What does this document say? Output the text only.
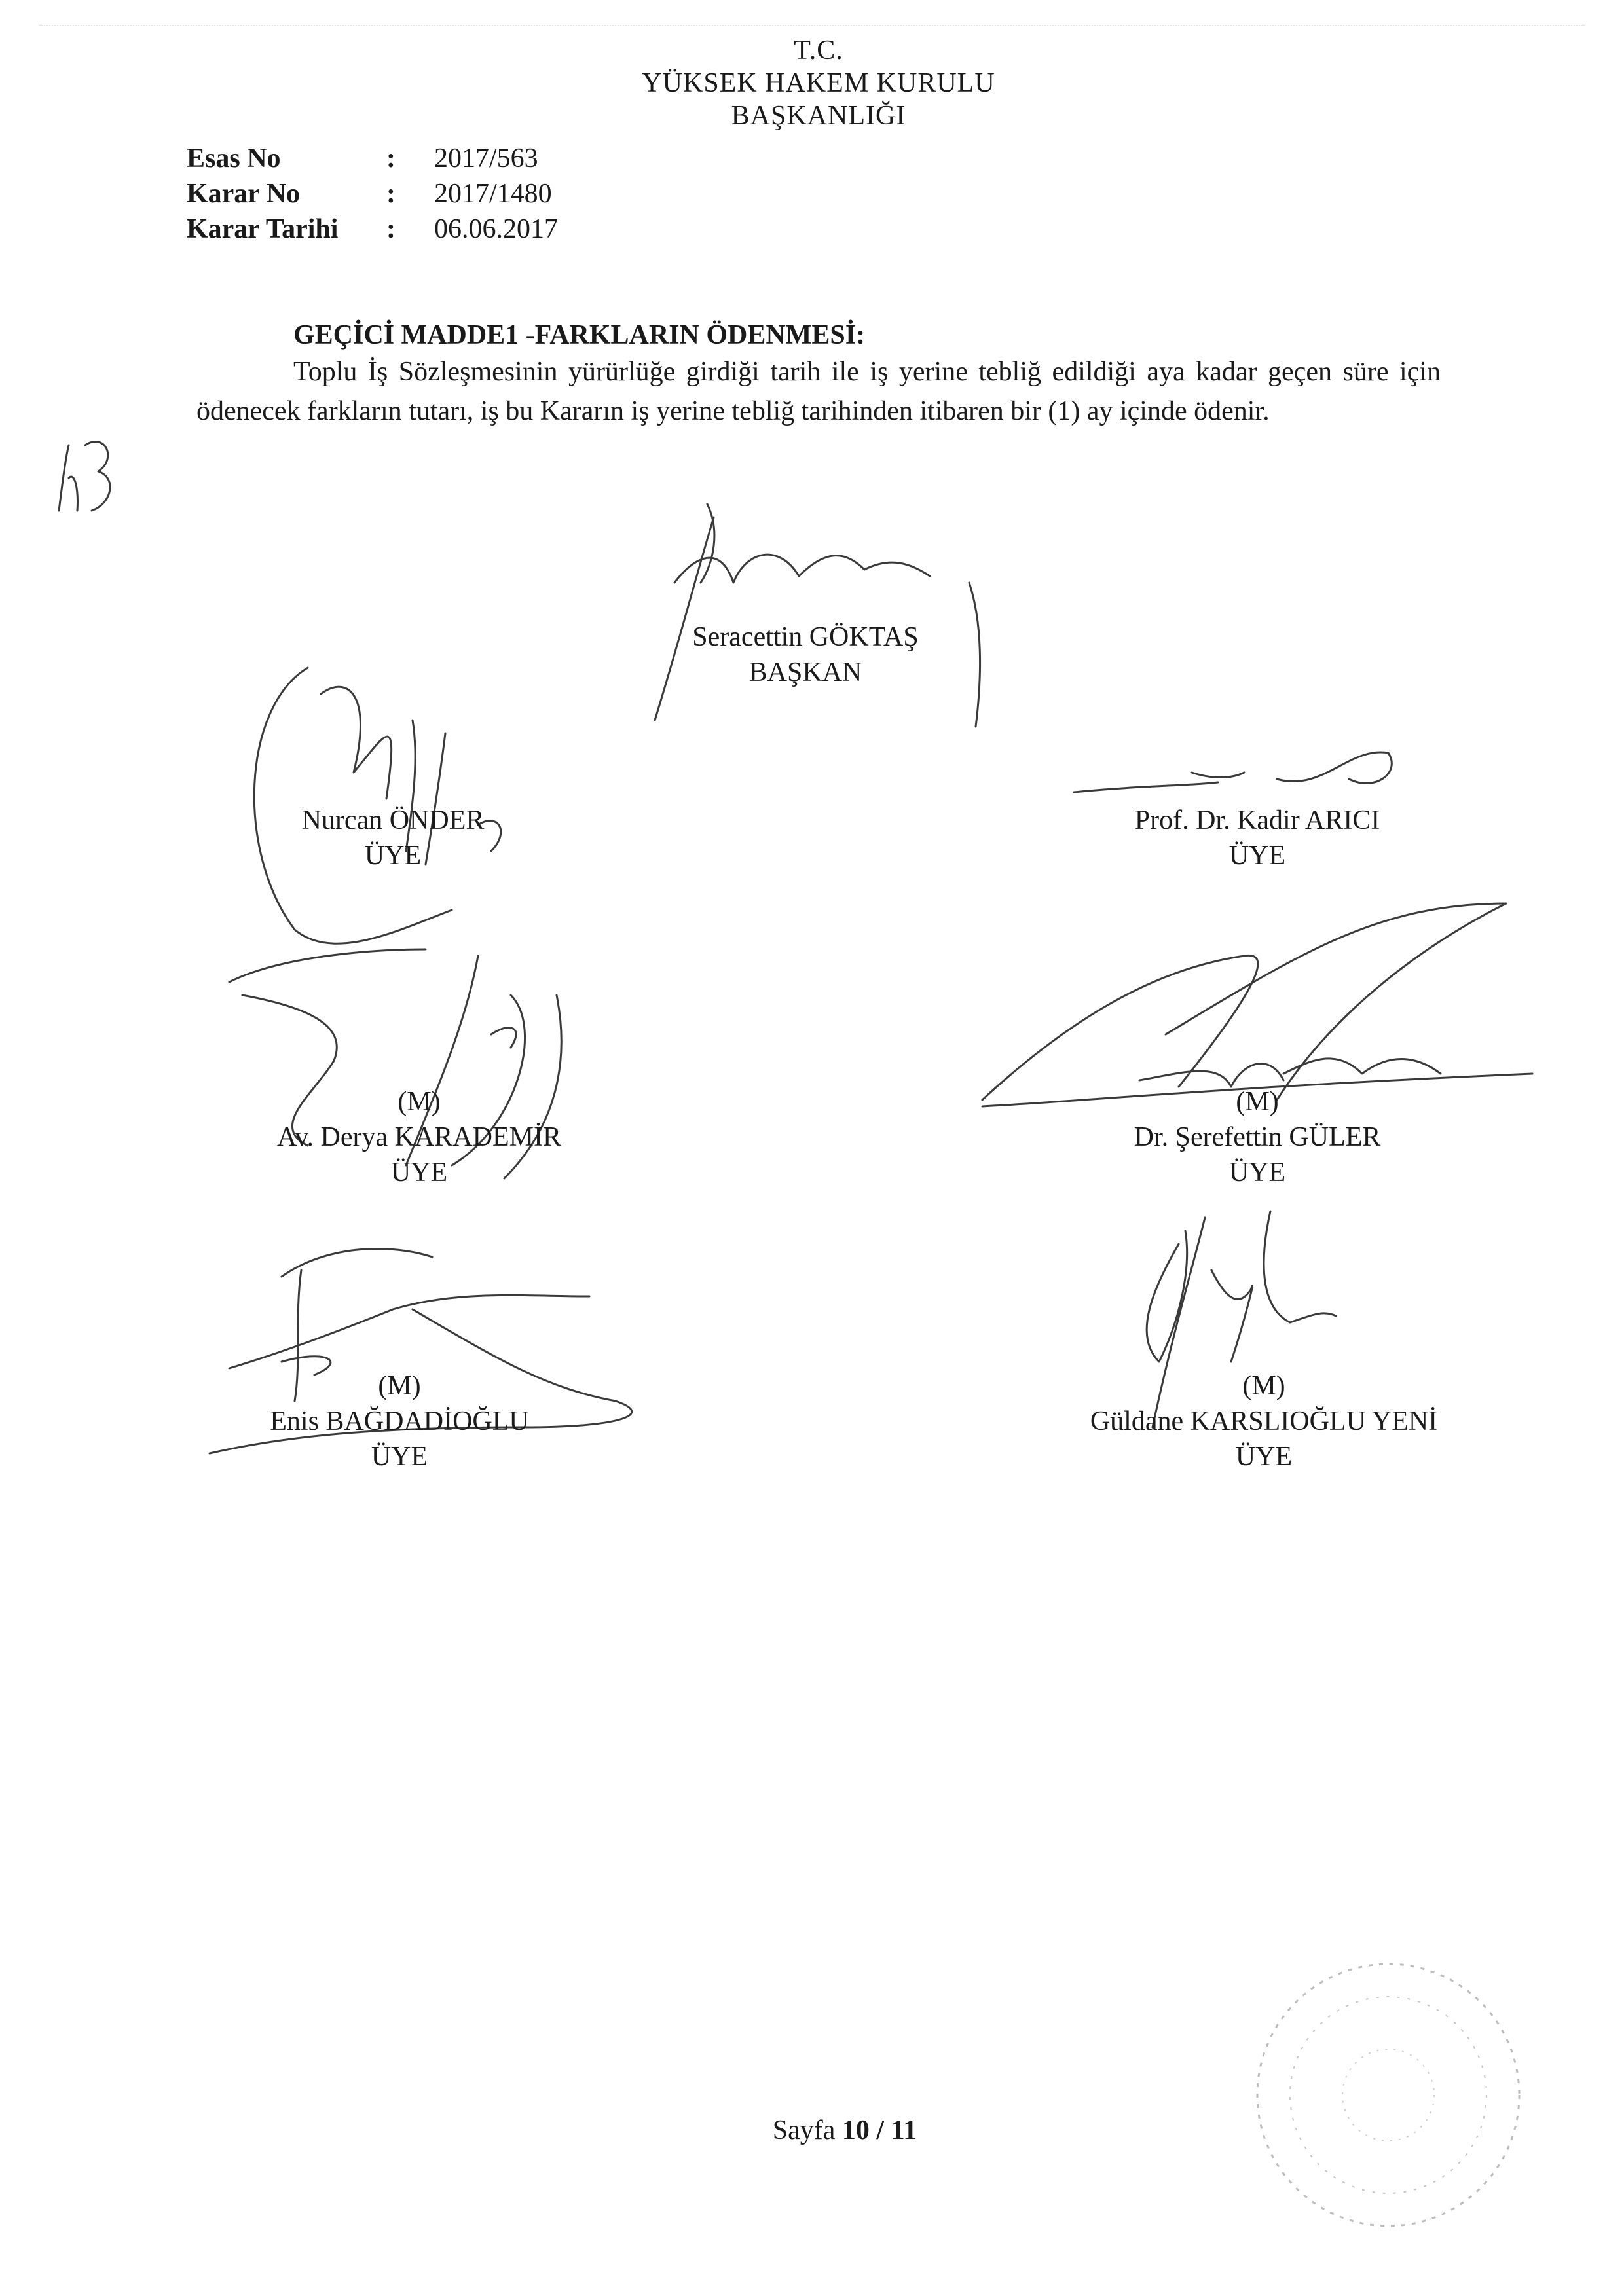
T.C.
YÜKSEK HAKEM KURULU
BAŞKANLIĞI
Esas No	: 2017/563
Karar No	: 2017/1480
Karar Tarihi : 06.06.2017
GEÇİCİ MADDE1 -FARKLARIN ÖDENMESİ:
Toplu İş Sözleşmesinin yürürlüğe girdiği tarih ile iş yerine tebliğ edildiği aya kadar geçen süre için ödenecek farkların tutarı, iş bu Kararın iş yerine tebliğ tarihinden itibaren bir (1) ay içinde ödenir.
Seracettin GÖKTAŞ
BAŞKAN
Nurcan ÖNDER
ÜYE
Prof. Dr. Kadir ARICI
ÜYE
(M)
Av. Derya KARADEMİR
ÜYE
(M)
Dr. Şerefettin GÜLER
ÜYE
(M)
Enis BAĞDADİOĞLU
ÜYE
(M)
Güldane KARSLIOĞLU YENİ
ÜYE
Sayfa 10 / 11
